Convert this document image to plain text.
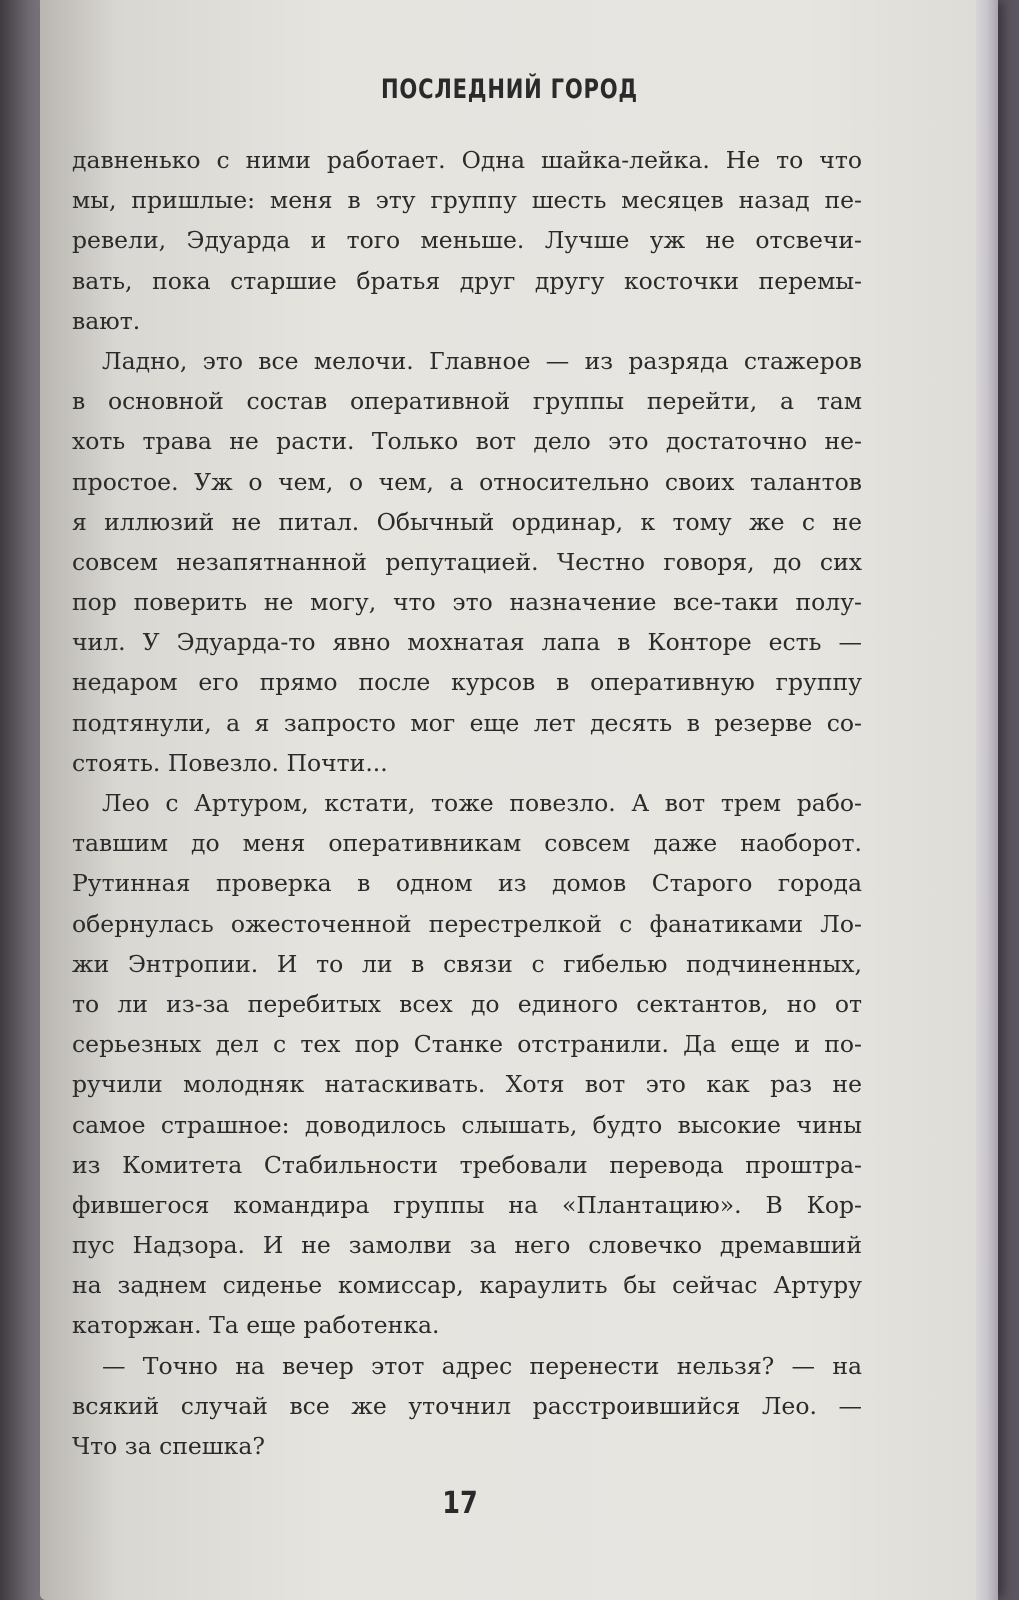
ПОСЛЕДНИЙ ГОРОД
давненько с ними работает. Одна шайка-лейка. Не то что
мы, пришлые: меня в эту группу шесть месяцев назад пе-
ревели, Эдуарда и того меньше. Лучше уж не отсвечи-
вать, пока старшие братья друг другу косточки перемы-
вают.
Ладно, это все мелочи. Главное — из разряда стажеров
в основной состав оперативной группы перейти, а там
хоть трава не расти. Только вот дело это достаточно не-
простое. Уж о чем, о чем, а относительно своих талантов
я иллюзий не питал. Обычный ординар, к тому же с не
совсем незапятнанной репутацией. Честно говоря, до сих
пор поверить не могу, что это назначение все-таки полу-
чил. У Эдуарда-то явно мохнатая лапа в Конторе есть —
недаром его прямо после курсов в оперативную группу
подтянули, а я запросто мог еще лет десять в резерве со-
стоять. Повезло. Почти...
Лео с Артуром, кстати, тоже повезло. А вот трем рабо-
тавшим до меня оперативникам совсем даже наоборот.
Рутинная проверка в одном из домов Старого города
обернулась ожесточенной перестрелкой с фанатиками Ло-
жи Энтропии. И то ли в связи с гибелью подчиненных,
то ли из-за перебитых всех до единого сектантов, но от
серьезных дел с тех пор Станке отстранили. Да еще и по-
ручили молодняк натаскивать. Хотя вот это как раз не
самое страшное: доводилось слышать, будто высокие чины
из Комитета Стабильности требовали перевода проштра-
фившегося командира группы на «Плантацию». В Кор-
пус Надзора. И не замолви за него словечко дремавший
на заднем сиденье комиссар, караулить бы сейчас Артуру
каторжан. Та еще работенка.
— Точно на вечер этот адрес перенести нельзя? — на
всякий случай все же уточнил расстроившийся Лео. —
Что за спешка?
17
